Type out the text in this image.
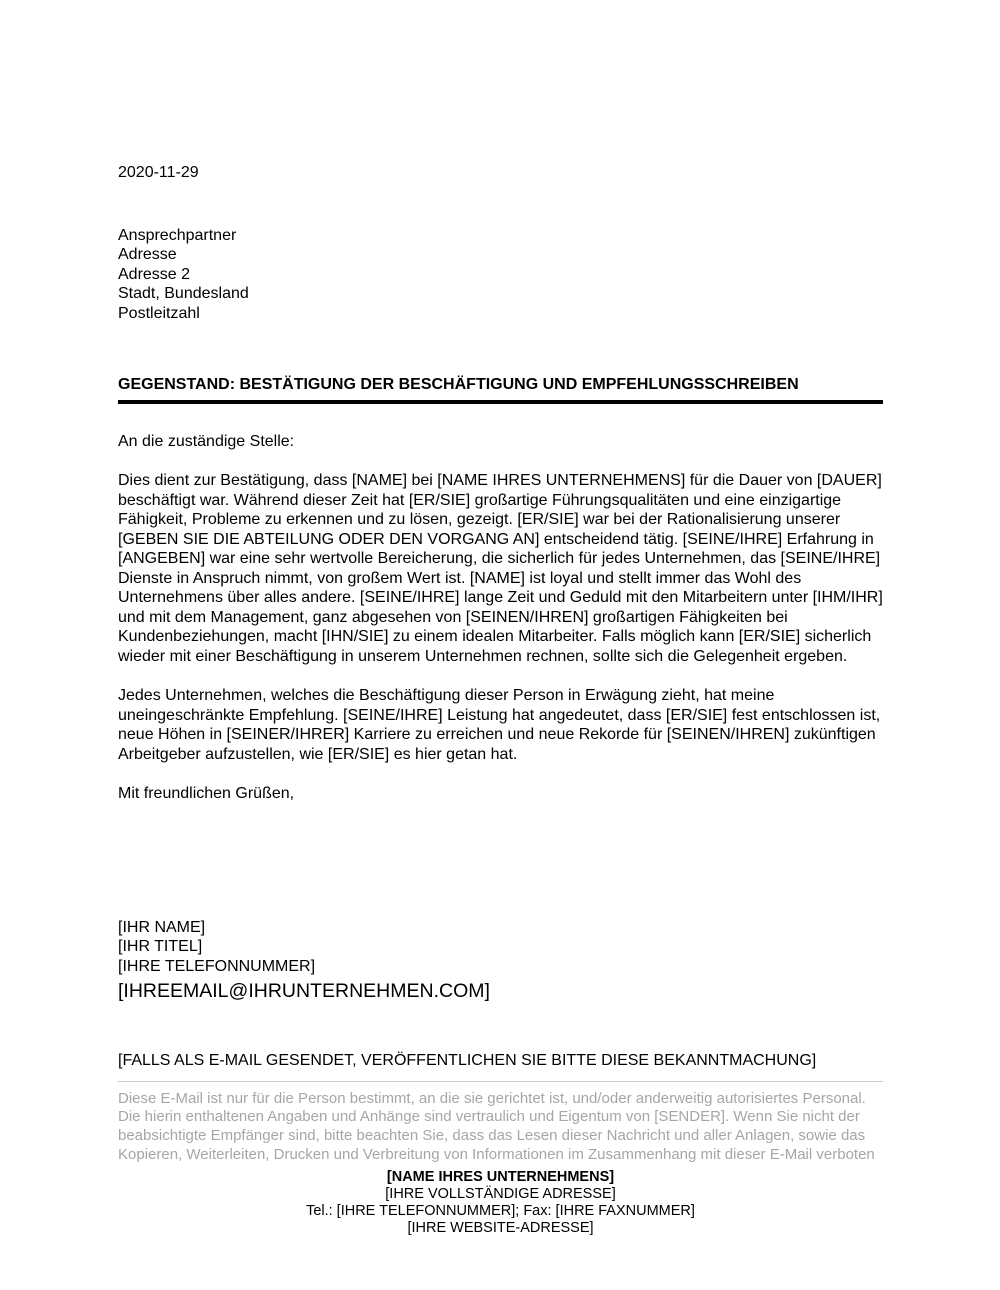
2020-11-29
Ansprechpartner
Adresse
Adresse 2
Stadt, Bundesland
Postleitzahl
GEGENSTAND: BESTÄTIGUNG DER BESCHÄFTIGUNG UND EMPFEHLUNGSSCHREIBEN
An die zuständige Stelle:

Dies dient zur Bestätigung, dass [NAME] bei [NAME IHRES UNTERNEHMENS] für die Dauer von [DAUER] beschäftigt war. Während dieser Zeit hat [ER/SIE] großartige Führungsqualitäten und eine einzigartige Fähigkeit, Probleme zu erkennen und zu lösen, gezeigt. [ER/SIE] war bei der Rationalisierung unserer [GEBEN SIE DIE ABTEILUNG ODER DEN VORGANG AN] entscheidend tätig. [SEINE/IHRE] Erfahrung in [ANGEBEN] war eine sehr wertvolle Bereicherung, die sicherlich für jedes Unternehmen, das [SEINE/IHRE] Dienste in Anspruch nimmt, von großem Wert ist. [NAME] ist loyal und stellt immer das Wohl des Unternehmens über alles andere. [SEINE/IHRE] lange Zeit und Geduld mit den Mitarbeitern unter [IHM/IHR] und mit dem Management, ganz abgesehen von [SEINEN/IHREN] großartigen Fähigkeiten bei Kundenbeziehungen, macht [IHN/SIE] zu einem idealen Mitarbeiter. Falls möglich kann [ER/SIE] sicherlich wieder mit einer Beschäftigung in unserem Unternehmen rechnen, sollte sich die Gelegenheit ergeben.

Jedes Unternehmen, welches die Beschäftigung dieser Person in Erwägung zieht, hat meine uneingeschränkte Empfehlung. [SEINE/IHRE] Leistung hat angedeutet, dass [ER/SIE] fest entschlossen ist, neue Höhen in [SEINER/IHRER] Karriere zu erreichen und neue Rekorde für [SEINEN/IHREN] zukünftigen Arbeitgeber aufzustellen, wie [ER/SIE] es hier getan hat.

Mit freundlichen Grüßen,
[IHR NAME]
[IHR TITEL]
[IHRE TELEFONNUMMER]
[IHREEMAIL@IHRUNTERNEHMEN.COM]
[FALLS ALS E-MAIL GESENDET, VERÖFFENTLICHEN SIE BITTE DIESE BEKANNTMACHUNG]

Diese E-Mail ist nur für die Person bestimmt, an die sie gerichtet ist, und/oder anderweitig autorisiertes Personal. Die hierin enthaltenen Angaben und Anhänge sind vertraulich und Eigentum von [SENDER]. Wenn Sie nicht der beabsichtigte Empfänger sind, bitte beachten Sie, dass das Lesen dieser Nachricht und aller Anlagen, sowie das Kopieren, Weiterleiten, Drucken und Verbreitung von Informationen im Zusammenhang mit dieser E-Mail verboten

[NAME IHRES UNTERNEHMENS]
[IHRE VOLLSTÄNDIGE ADRESSE]
Tel.: [IHRE TELEFONNUMMER]; Fax: [IHRE FAXNUMMER]
[IHRE WEBSITE-ADRESSE]
